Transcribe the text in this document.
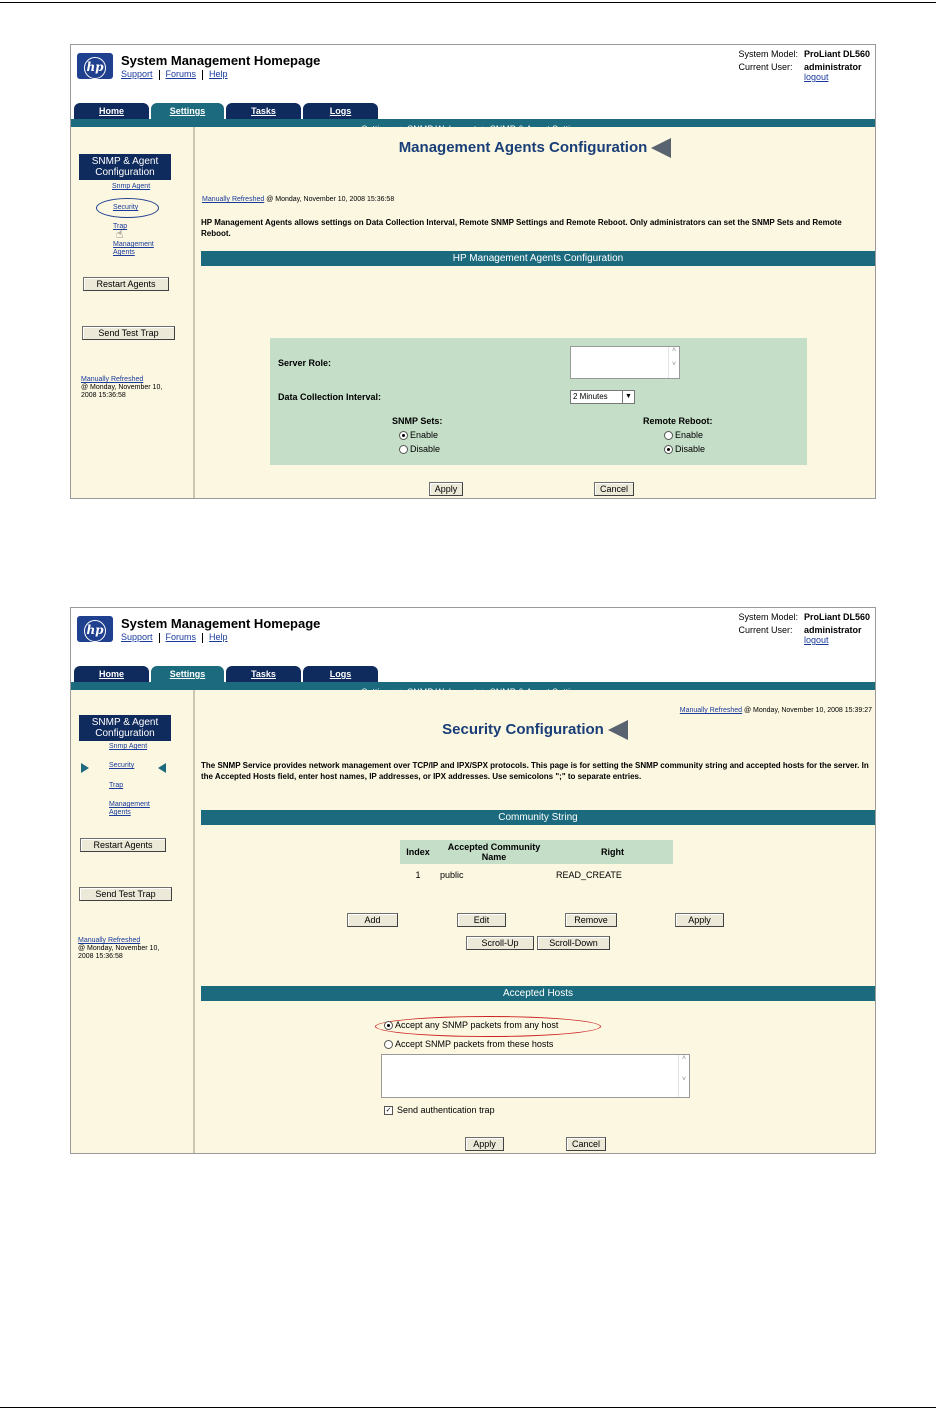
hp	System Management Homepage
Support Forums Help
System Model:	ProLiant DL560
Current User:	administrator
logout
Home	Settings	Tasks	Logs
SNMP & Agent
Configuration
Snmp Agent
Security
Trap
☝
Management
Agents
Restart Agents
Send Test Trap
Manually Refreshed
@ Monday, November 10,
2008 15:36:58
Management Agents Configuration
Manually Refreshed @ Monday, November 10, 2008 15:36:58
HP Management Agents allows settings on Data Collection Interval, Remote SNMP Settings and Remote Reboot. Only administrators can set the SNMP Sets and Remote Reboot.
HP Management Agents Configuration
Server Role:
˄

˅
Data Collection Interval:	2 Minutes	▼
SNMP Sets:
Enable
Disable
Remote Reboot:
Enable
Disable
Apply	Cancel
hp	System Management Homepage
Support Forums Help
System Model:	ProLiant DL560
Current User:	administrator
logout
Home	Settings	Tasks	Logs
SNMP & Agent
Configuration
Snmp Agent
Security
Trap
Management
Agents
Restart Agents
Send Test Trap
Manually Refreshed
@ Monday, November 10,
2008 15:36:58
Manually Refreshed @ Monday, November 10, 2008 15:39:27
Security Configuration
The SNMP Service provides network management over TCP/IP and IPX/SPX protocols. This page is for setting the SNMP community string and accepted hosts for the server. In the Accepted Hosts field, enter host names, IP addresses, or IPX addresses. Use semicolons ";" to separate entries.
Community String
Index	Accepted Community Name	Right
1	public	READ_CREATE
Add	Edit	Remove	Apply
Scroll-Up	Scroll-Down
Accepted Hosts
Accept any SNMP packets from any host
Accept SNMP packets from these hosts
˄

˅
✓ Send authentication trap
Apply	Cancel
